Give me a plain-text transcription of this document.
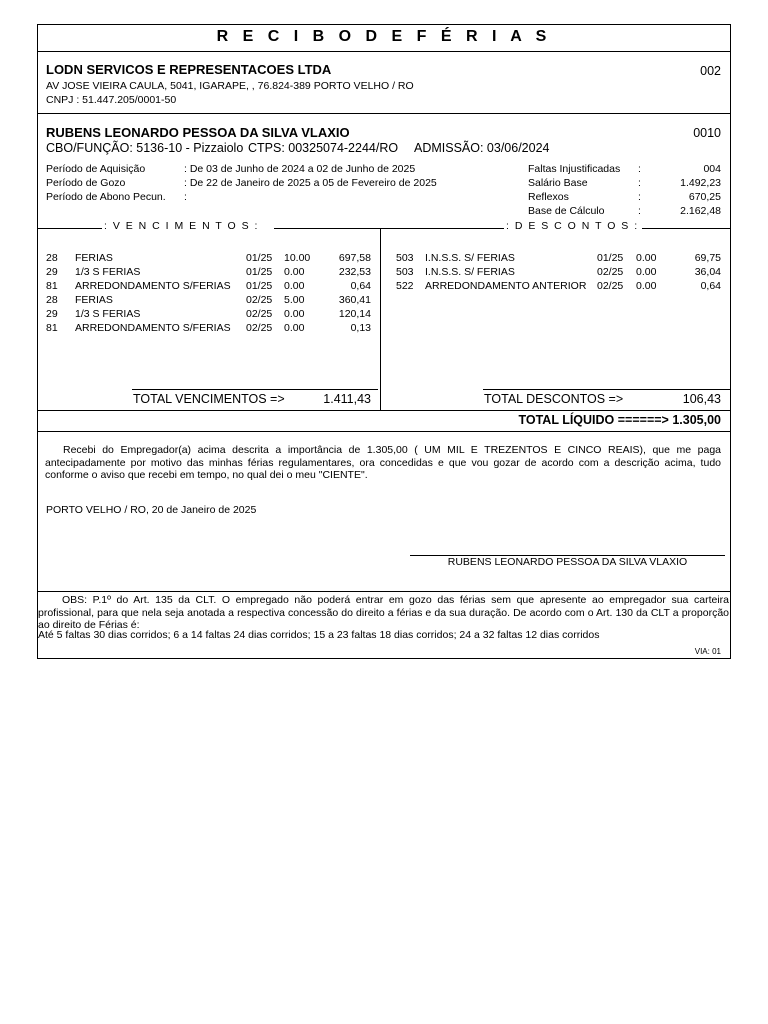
R E C I B O D E F É R I A S
LODN SERVICOS E REPRESENTACOES LTDA	002
AV JOSE VIEIRA CAULA, 5041, IGARAPE, , 76.824-389 PORTO VELHO / RO
CNPJ : 51.447.205/0001-50
RUBENS LEONARDO PESSOA DA SILVA VLAXIO	0010
CBO/FUNÇÃO: 5136-10 - Pizzaiolo CTPS: 00325074-2244/RO ADMISSÃO: 03/06/2024
Período de Aquisição	: De 03 de Junho de 2024 a 02 de Junho de 2025
Período de Gozo	: De 22 de Janeiro de 2025 a 05 de Fevereiro de 2025
Período de Abono Pecun. :
Faltas Injustificadas :	004
Salário Base	:	1.492,23
Reflexos	:	670,25
Base de Cálculo	:	2.162,48
: V E N C I M E N T O S :	: D E S C O N T O S :
28 FERIAS	01/25 10.00	697,58
29 1/3 S FERIAS	01/25 0.00	232,53
81 ARREDONDAMENTO S/FERIAS 01/25 0.00	0,64
28 FERIAS	02/25 5.00	360,41
29 1/3 S FERIAS	02/25 0.00	120,14
81 ARREDONDAMENTO S/FERIAS 02/25 0.00	0,13
503 I.N.S.S. S/ FERIAS	01/25 0.00	69,75
503 I.N.S.S. S/ FERIAS	02/25 0.00	36,04
522 ARREDONDAMENTO ANTERIOR	02/25 0.00	0,64
TOTAL VENCIMENTOS =>	1.411,43	TOTAL DESCONTOS =>	106,43
TOTAL LÍQUIDO ======> 1.305,00
Recebi do Empregador(a) acima descrita a importância de 1.305,00 ( UM MIL E TREZENTOS E CINCO REAIS), que me paga antecipadamente por motivo das minhas férias regulamentares, ora concedidas e que vou gozar de acordo com a descrição acima, tudo conforme o aviso que recebi em tempo, no qual dei o meu "CIENTE".
PORTO VELHO / RO, 20 de Janeiro de 2025
RUBENS LEONARDO PESSOA DA SILVA VLAXIO
OBS: P.1º do Art. 135 da CLT. O empregado não poderá entrar em gozo das férias sem que apresente ao empregador sua carteira profissional, para que nela seja anotada a respectiva concessão do direito a férias e da sua duração. De acordo com o Art. 130 da CLT a proporção ao direito de Férias é:
Até 5 faltas 30 dias corridos; 6 a 14 faltas 24 dias corridos; 15 a 23 faltas 18 dias corridos; 24 a 32 faltas 12 dias corridos
VIA: 01
